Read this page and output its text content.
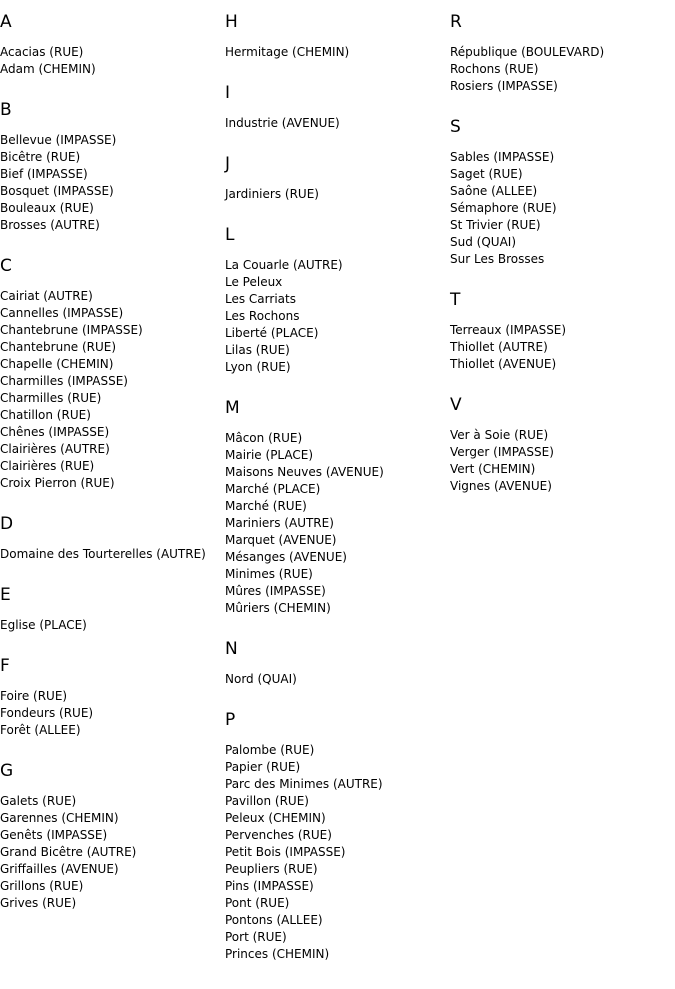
A
Acacias (RUE)
Adam (CHEMIN)
B
Bellevue (IMPASSE)
Bicêtre (RUE)
Bief (IMPASSE)
Bosquet (IMPASSE)
Bouleaux (RUE)
Brosses (AUTRE)
C
Cairiat (AUTRE)
Cannelles (IMPASSE)
Chantebrune (IMPASSE)
Chantebrune (RUE)
Chapelle (CHEMIN)
Charmilles (IMPASSE)
Charmilles (RUE)
Chatillon (RUE)
Chênes (IMPASSE)
Clairières (AUTRE)
Clairières (RUE)
Croix Pierron (RUE)
D
Domaine des Tourterelles (AUTRE)
E
Eglise (PLACE)
F
Foire (RUE)
Fondeurs (RUE)
Forêt (ALLEE)
G
Galets (RUE)
Garennes (CHEMIN)
Genêts (IMPASSE)
Grand Bicêtre (AUTRE)
Griffailles (AVENUE)
Grillons (RUE)
Grives (RUE)
H
Hermitage (CHEMIN)
I
Industrie (AVENUE)
J
Jardiniers (RUE)
L
La Couarle (AUTRE)
Le Peleux
Les Carriats
Les Rochons
Liberté (PLACE)
Lilas (RUE)
Lyon (RUE)
M
Mâcon (RUE)
Mairie (PLACE)
Maisons Neuves (AVENUE)
Marché (PLACE)
Marché (RUE)
Mariniers (AUTRE)
Marquet (AVENUE)
Mésanges (AVENUE)
Minimes (RUE)
Mûres (IMPASSE)
Mûriers (CHEMIN)
N
Nord (QUAI)
P
Palombe (RUE)
Papier (RUE)
Parc des Minimes (AUTRE)
Pavillon (RUE)
Peleux (CHEMIN)
Pervenches (RUE)
Petit Bois (IMPASSE)
Peupliers (RUE)
Pins (IMPASSE)
Pont (RUE)
Pontons (ALLEE)
Port (RUE)
Princes (CHEMIN)
R
République (BOULEVARD)
Rochons (RUE)
Rosiers (IMPASSE)
S
Sables (IMPASSE)
Saget (RUE)
Saône (ALLEE)
Sémaphore (RUE)
St Trivier (RUE)
Sud (QUAI)
Sur Les Brosses
T
Terreaux (IMPASSE)
Thiollet (AUTRE)
Thiollet (AVENUE)
V
Ver à Soie (RUE)
Verger (IMPASSE)
Vert (CHEMIN)
Vignes (AVENUE)
